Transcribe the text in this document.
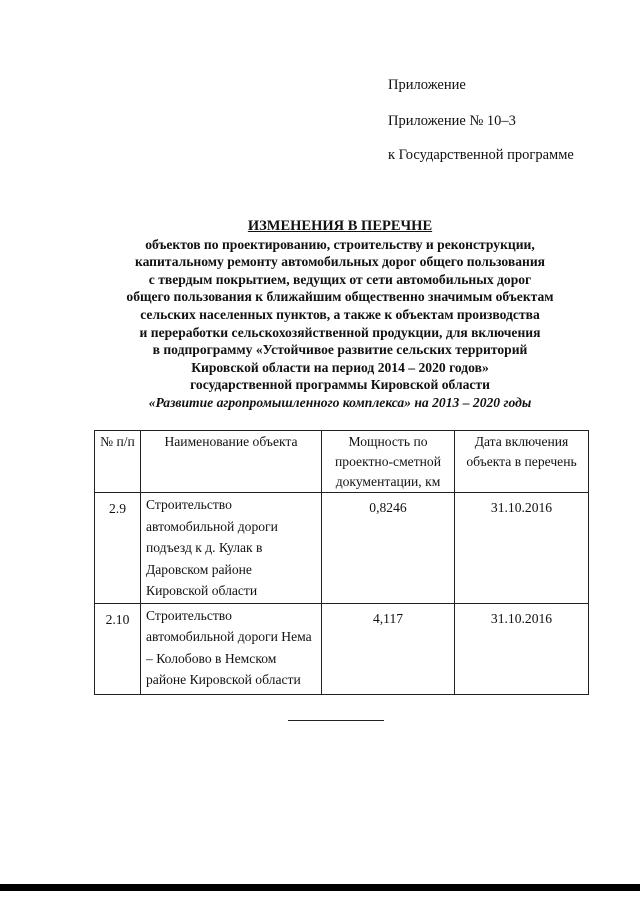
Приложение
Приложение № 10–3
к Государственной программе
ИЗМЕНЕНИЯ В ПЕРЕЧНЕ
объектов по проектированию, строительству и реконструкции,
капитальному ремонту автомобильных дорог общего пользования
с твердым покрытием, ведущих от сети автомобильных дорог
общего пользования к ближайшим общественно значимым объектам
сельских населенных пунктов, а также к объектам производства
и переработки сельскохозяйственной продукции, для включения
в подпрограмму «Устойчивое развитие сельских территорий
Кировской области на период 2014 – 2020 годов»
государственной программы Кировской области
«Развитие агропромышленного комплекса» на 2013 – 2020 годы
№ п/п	Наименование объекта	Мощность по проектно-сметной документации, км	Дата включения объекта в перечень
2.9	Строительство автомобильной дороги подъезд к д. Кулак в Даровском районе Кировской области	0,8246	31.10.2016
2.10	Строительство автомобильной дороги Нема – Колобово в Немском районе Кировской области	4,117	31.10.2016
